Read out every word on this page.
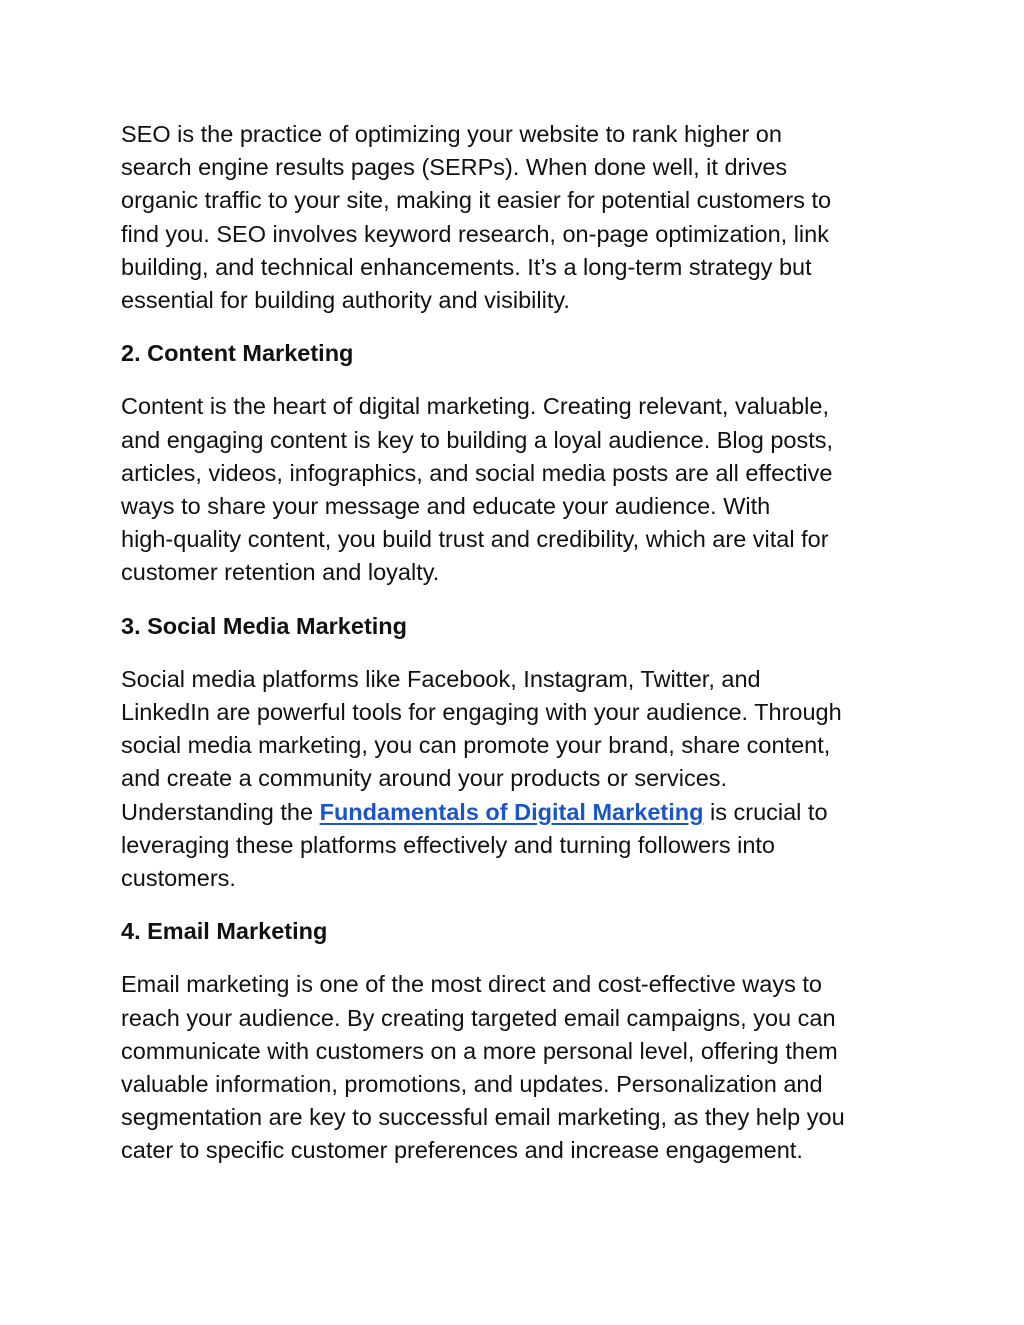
SEO is the practice of optimizing your website to rank higher on
search engine results pages (SERPs). When done well, it drives
organic traffic to your site, making it easier for potential customers to
find you. SEO involves keyword research, on-page optimization, link
building, and technical enhancements. It’s a long-term strategy but
essential for building authority and visibility.

2. Content Marketing

Content is the heart of digital marketing. Creating relevant, valuable,
and engaging content is key to building a loyal audience. Blog posts,
articles, videos, infographics, and social media posts are all effective
ways to share your message and educate your audience. With
high-quality content, you build trust and credibility, which are vital for
customer retention and loyalty.

3. Social Media Marketing

Social media platforms like Facebook, Instagram, Twitter, and
LinkedIn are powerful tools for engaging with your audience. Through
social media marketing, you can promote your brand, share content,
and create a community around your products or services.
Understanding the Fundamentals of Digital Marketing is crucial to
leveraging these platforms effectively and turning followers into
customers.

4. Email Marketing

Email marketing is one of the most direct and cost-effective ways to
reach your audience. By creating targeted email campaigns, you can
communicate with customers on a more personal level, offering them
valuable information, promotions, and updates. Personalization and
segmentation are key to successful email marketing, as they help you
cater to specific customer preferences and increase engagement.
